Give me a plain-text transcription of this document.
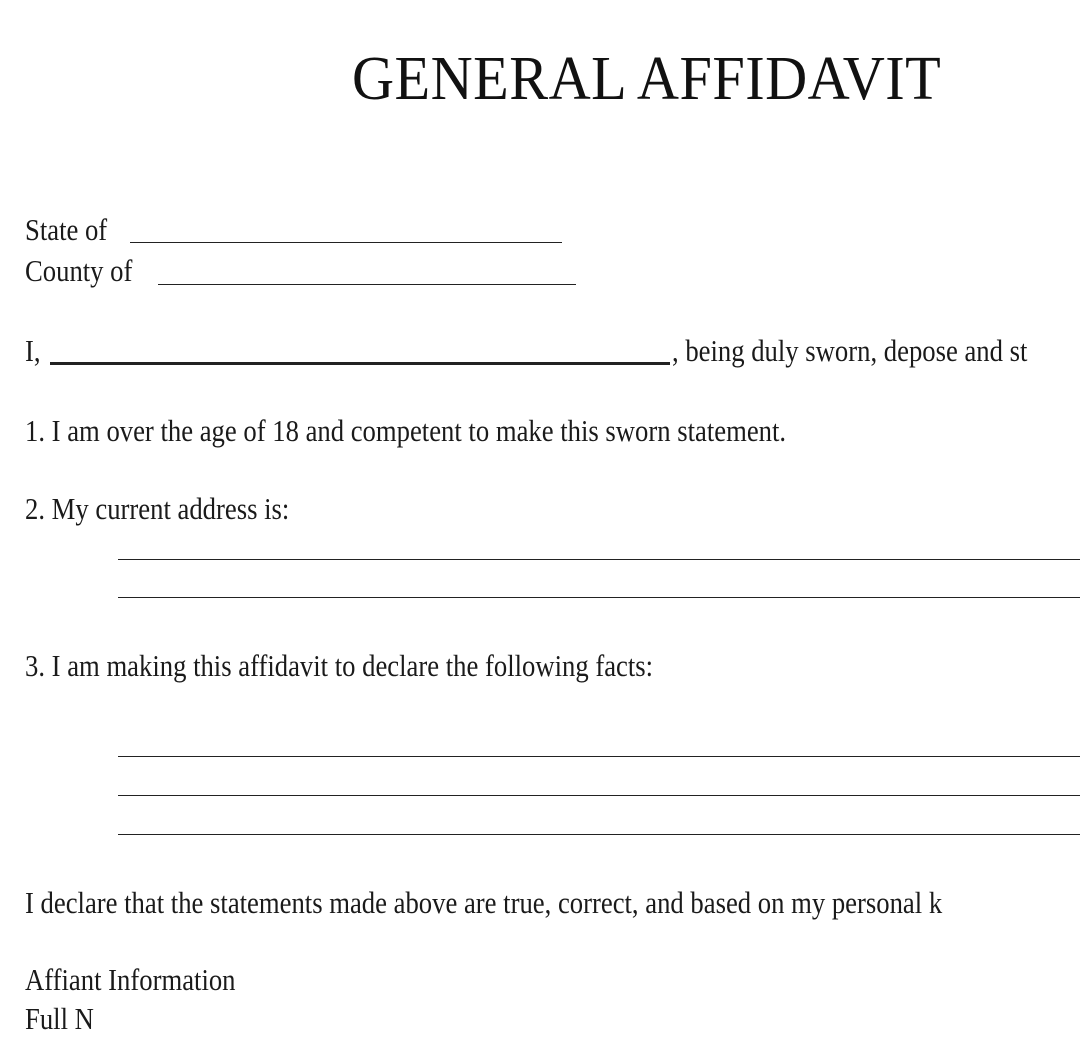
GENERAL AFFIDAVIT
State of
County of
I,	, being duly sworn, depose and st
1. I am over the age of 18 and competent to make this sworn statement.
2. My current address is:
3. I am making this affidavit to declare the following facts:
I declare that the statements made above are true, correct, and based on my personal k
Affiant Information
Full N
